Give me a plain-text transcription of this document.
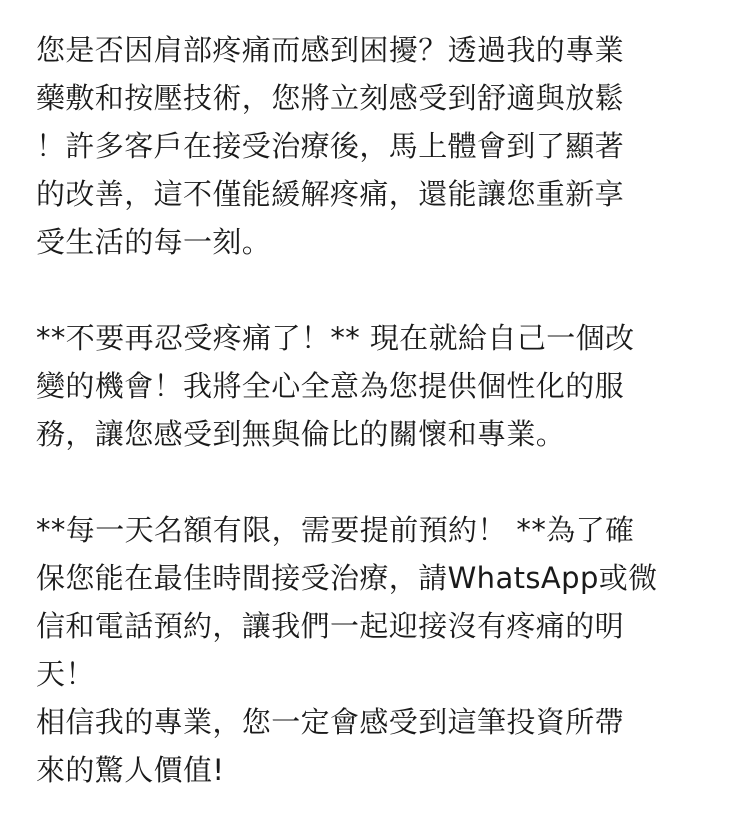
您是否因肩部疼痛而感到困擾？透過我的專業
藥敷和按壓技術，您將立刻感受到舒適與放鬆
！許多客戶在接受治療後，馬上體會到了顯著
的改善，這不僅能緩解疼痛，還能讓您重新享
受生活的每一刻。
**不要再忍受疼痛了！** 現在就給自己一個改
變的機會！我將全心全意為您提供個性化的服
務，讓您感受到無與倫比的關懷和專業。
**每一天名額有限，需要提前預約！ **為了確
保您能在最佳時間接受治療，請WhatsApp或微
信和電話預約，讓我們一起迎接沒有疼痛的明
天！
相信我的專業，您一定會感受到這筆投資所帶
來的驚人價值!
